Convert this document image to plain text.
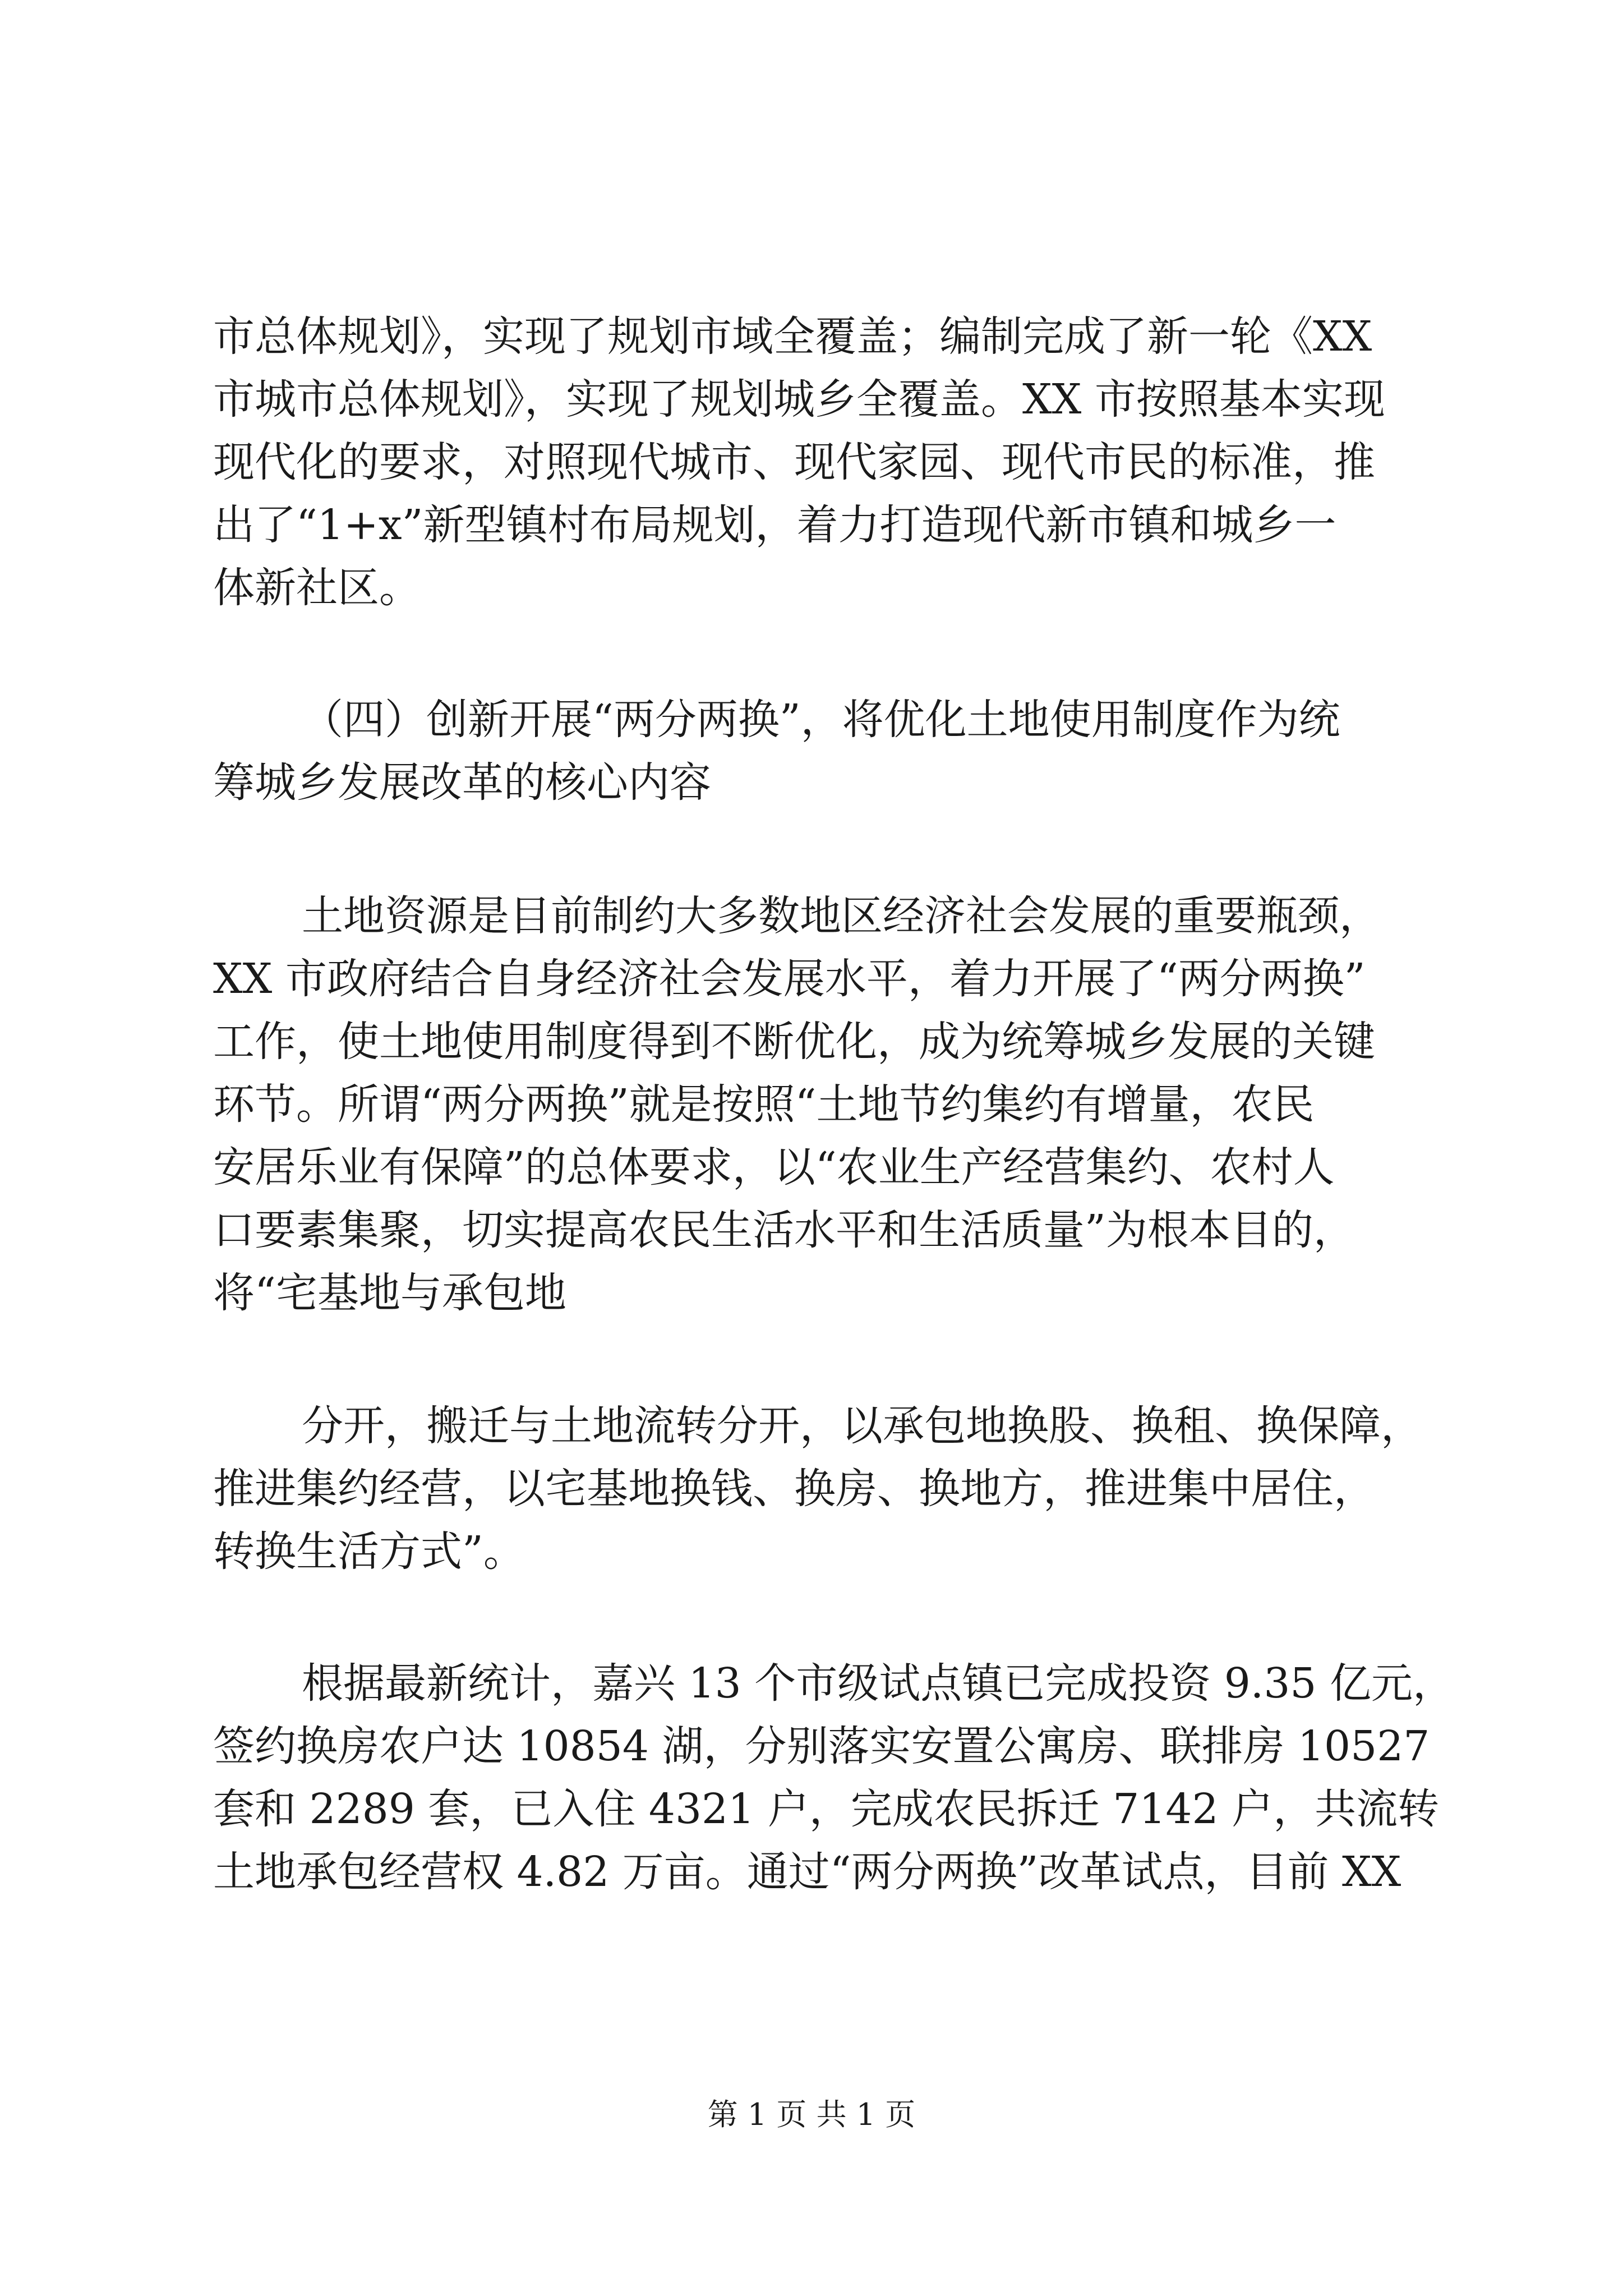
市总体规划》，实现了规划市域全覆盖；编制完成了新一轮《XX

市城市总体规划》，实现了规划城乡全覆盖。XX 市按照基本实现

现代化的要求，对照现代城市、现代家园、现代市民的标准，推

出了“1+x”新型镇村布局规划，着力打造现代新市镇和城乡一

体新社区。

（四）创新开展“两分两换”，将优化土地使用制度作为统

筹城乡发展改革的核心内容

土地资源是目前制约大多数地区经济社会发展的重要瓶颈，

XX 市政府结合自身经济社会发展水平，着力开展了“两分两换”

工作，使土地使用制度得到不断优化，成为统筹城乡发展的关键

环节。所谓“两分两换”就是按照“土地节约集约有增量，农民

安居乐业有保障”的总体要求，以“农业生产经营集约、农村人

口要素集聚，切实提高农民生活水平和生活质量”为根本目的，

将“宅基地与承包地

分开，搬迁与土地流转分开，以承包地换股、换租、换保障，

推进集约经营，以宅基地换钱、换房、换地方，推进集中居住，

转换生活方式”。

根据最新统计，嘉兴 13 个市级试点镇已完成投资 9.35 亿元，

签约换房农户达 10854 湖，分别落实安置公寓房、联排房 10527

套和 2289 套，已入住 4321 户，完成农民拆迁 7142 户，共流转

土地承包经营权 4.82 万亩。通过“两分两换”改革试点，目前 XX

第 1 页 共 1 页
